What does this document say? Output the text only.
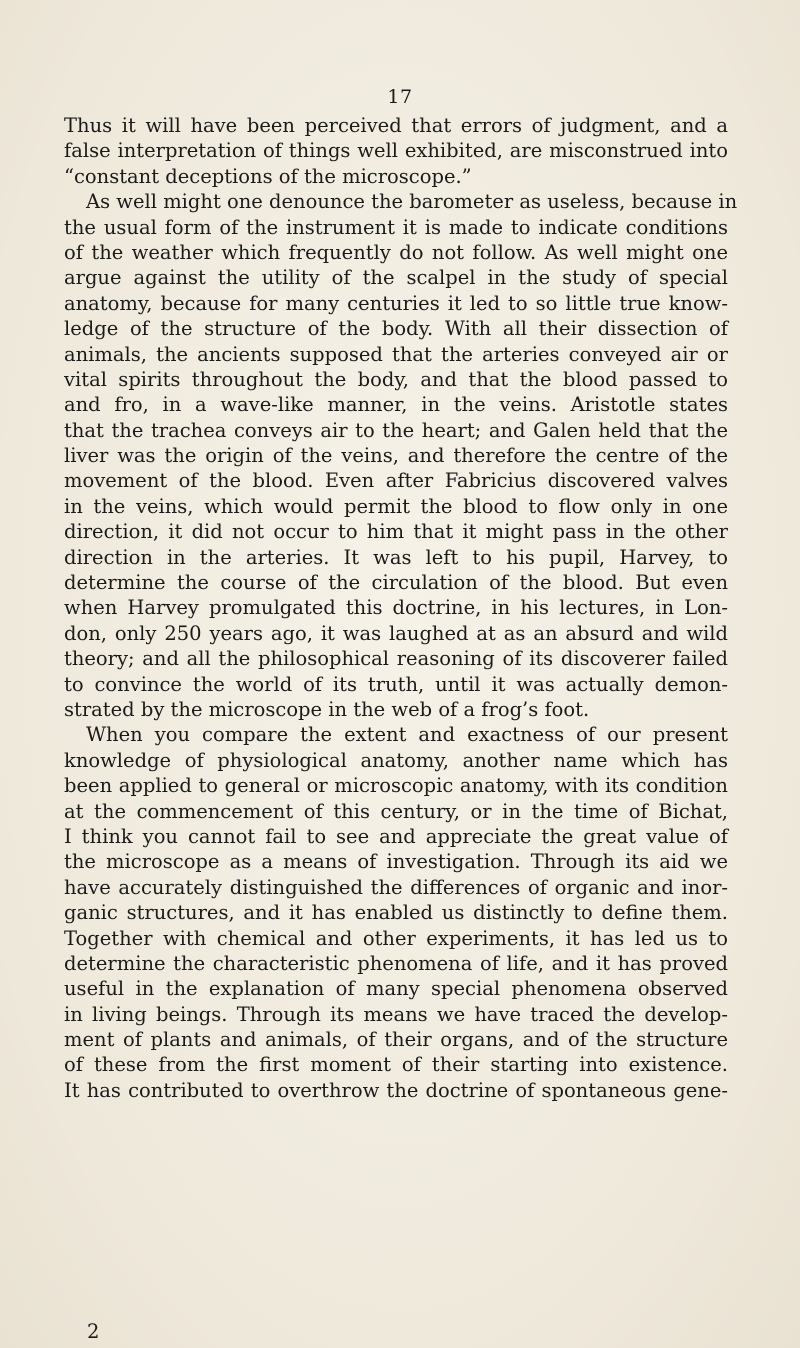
17
Thus it will have been perceived that errors of judgment, and a
false interpretation of things well exhibited, are misconstrued into
“constant deceptions of the microscope.”
As well might one denounce the barometer as useless, because in
the usual form of the instrument it is made to indicate conditions
of the weather which frequently do not follow. As well might one
argue against the utility of the scalpel in the study of special
anatomy, because for many centuries it led to so little true know-
ledge of the structure of the body. With all their dissection of
animals, the ancients supposed that the arteries conveyed air or
vital spirits throughout the body, and that the blood passed to
and fro, in a wave-like manner, in the veins. Aristotle states
that the trachea conveys air to the heart; and Galen held that the
liver was the origin of the veins, and therefore the centre of the
movement of the blood. Even after Fabricius discovered valves
in the veins, which would permit the blood to flow only in one
direction, it did not occur to him that it might pass in the other
direction in the arteries. It was left to his pupil, Harvey, to
determine the course of the circulation of the blood. But even
when Harvey promulgated this doctrine, in his lectures, in Lon-
don, only 250 years ago, it was laughed at as an absurd and wild
theory; and all the philosophical reasoning of its discoverer failed
to convince the world of its truth, until it was actually demon-
strated by the microscope in the web of a frog’s foot.
When you compare the extent and exactness of our present
knowledge of physiological anatomy, another name which has
been applied to general or microscopic anatomy, with its condition
at the commencement of this century, or in the time of Bichat,
I think you cannot fail to see and appreciate the great value of
the microscope as a means of investigation. Through its aid we
have accurately distinguished the differences of organic and inor-
ganic structures, and it has enabled us distinctly to define them.
Together with chemical and other experiments, it has led us to
determine the characteristic phenomena of life, and it has proved
useful in the explanation of many special phenomena observed
in living beings. Through its means we have traced the develop-
ment of plants and animals, of their organs, and of the structure
of these from the first moment of their starting into existence.
It has contributed to overthrow the doctrine of spontaneous gene-
2
